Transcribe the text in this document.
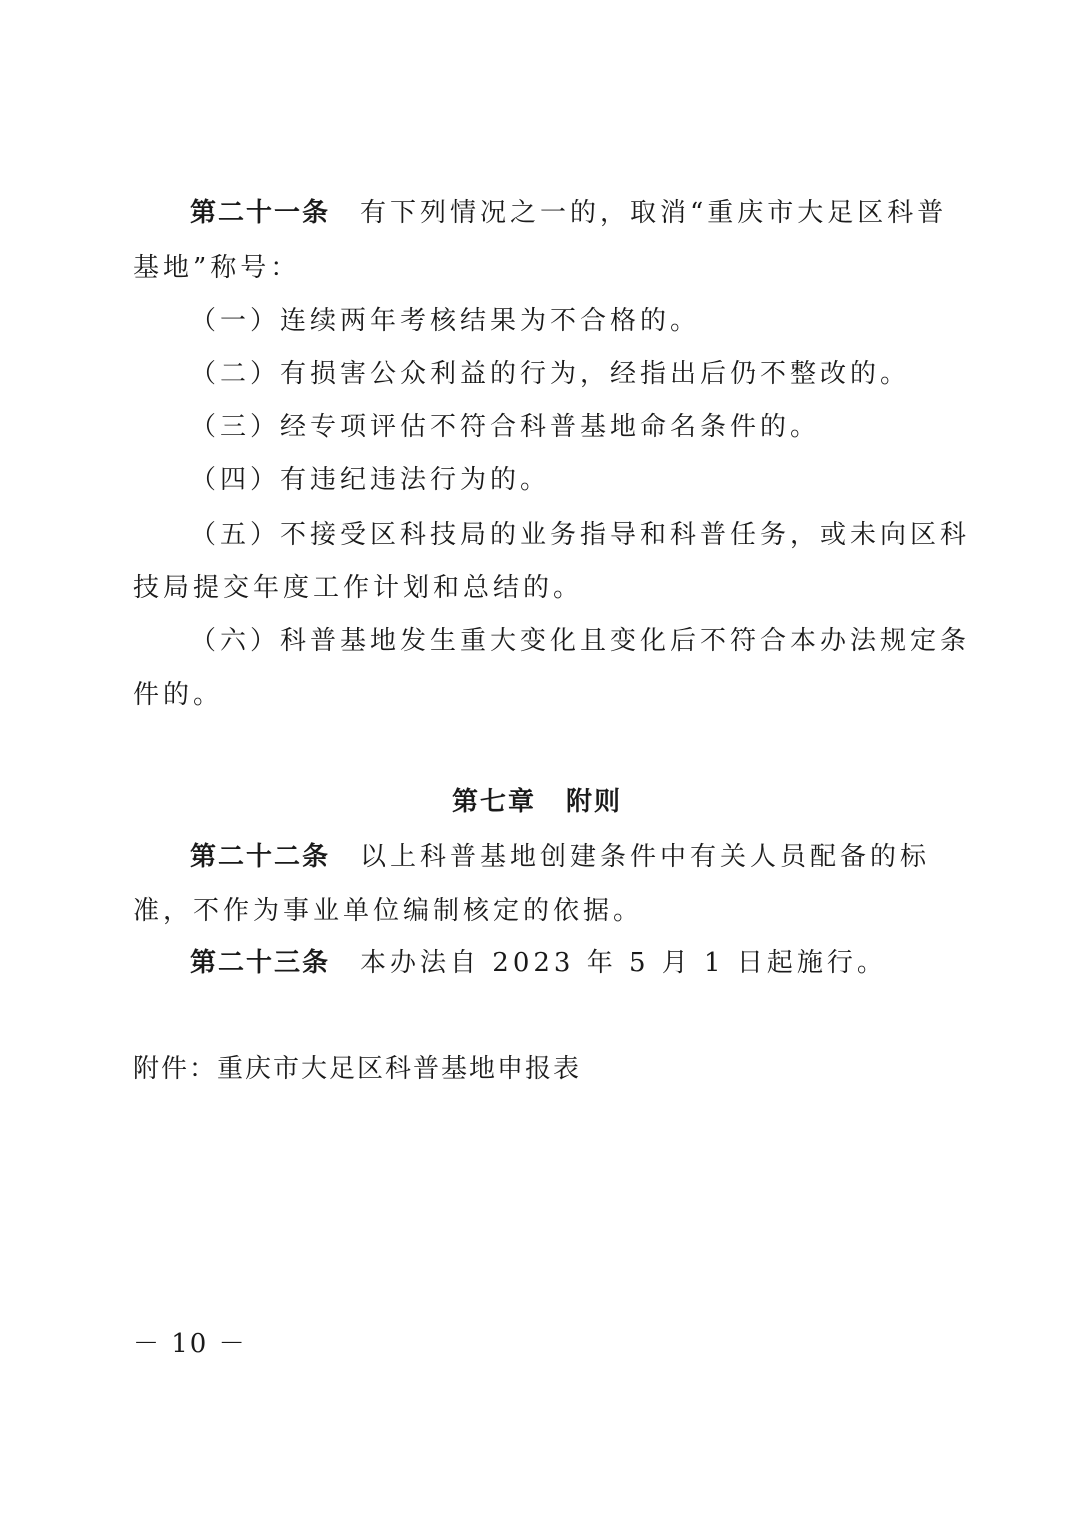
第二十一条 有下列情况之一的，取消“重庆市大足区科普
基地”称号：
（一）连续两年考核结果为不合格的。
（二）有损害公众利益的行为，经指出后仍不整改的。
（三）经专项评估不符合科普基地命名条件的。
（四）有违纪违法行为的。
（五）不接受区科技局的业务指导和科普任务，或未向区科
技局提交年度工作计划和总结的。
（六）科普基地发生重大变化且变化后不符合本办法规定条
件的。
第七章 附则
第二十二条 以上科普基地创建条件中有关人员配备的标
准，不作为事业单位编制核定的依据。
第二十三条 本办法自 2023 年 5 月 1 日起施行。
附件：重庆市大足区科普基地申报表
－ 10 －
